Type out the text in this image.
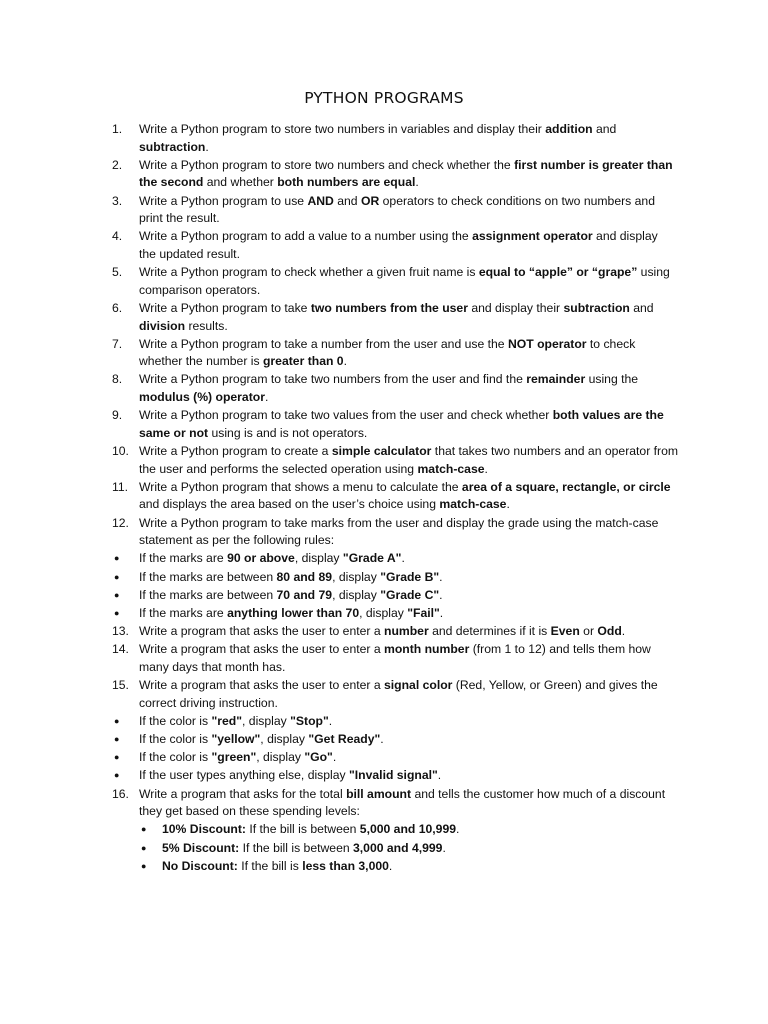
PYTHON PROGRAMS
1.	Write a Python program to store two numbers in variables and display their addition and subtraction.
2.	Write a Python program to store two numbers and check whether the first number is greater than the second and whether both numbers are equal.
3.	Write a Python program to use AND and OR operators to check conditions on two numbers and print the result.
4.	Write a Python program to add a value to a number using the assignment operator and display the updated result.
5.	Write a Python program to check whether a given fruit name is equal to “apple” or “grape” using comparison operators.
6.	Write a Python program to take two numbers from the user and display their subtraction and division results.
7.	Write a Python program to take a number from the user and use the NOT operator to check whether the number is greater than 0.
8.	Write a Python program to take two numbers from the user and find the remainder using the modulus (%) operator.
9.	Write a Python program to take two values from the user and check whether both values are the same or not using is and is not operators.
10. Write a Python program to create a simple calculator that takes two numbers and an operator from the user and performs the selected operation using match-case.
11. Write a Python program that shows a menu to calculate the area of a square, rectangle, or circle and displays the area based on the user’s choice using match-case.
12. Write a Python program to take marks from the user and display the grade using the match-case statement as per the following rules:
●	If the marks are 90 or above, display "Grade A".
●	If the marks are between 80 and 89, display "Grade B".
●	If the marks are between 70 and 79, display "Grade C".
●	If the marks are anything lower than 70, display "Fail".
13. Write a program that asks the user to enter a number and determines if it is Even or Odd.
14. Write a program that asks the user to enter a month number (from 1 to 12) and tells them how many days that month has.
15. Write a program that asks the user to enter a signal color (Red, Yellow, or Green) and gives the correct driving instruction.
●	If the color is "red", display "Stop".
●	If the color is "yellow", display "Get Ready".
●	If the color is "green", display "Go".
●	If the user types anything else, display "Invalid signal".
16. Write a program that asks for the total bill amount and tells the customer how much of a discount they get based on these spending levels:
●	10% Discount: If the bill is between 5,000 and 10,999.
●	5% Discount: If the bill is between 3,000 and 4,999.
●	No Discount: If the bill is less than 3,000.
